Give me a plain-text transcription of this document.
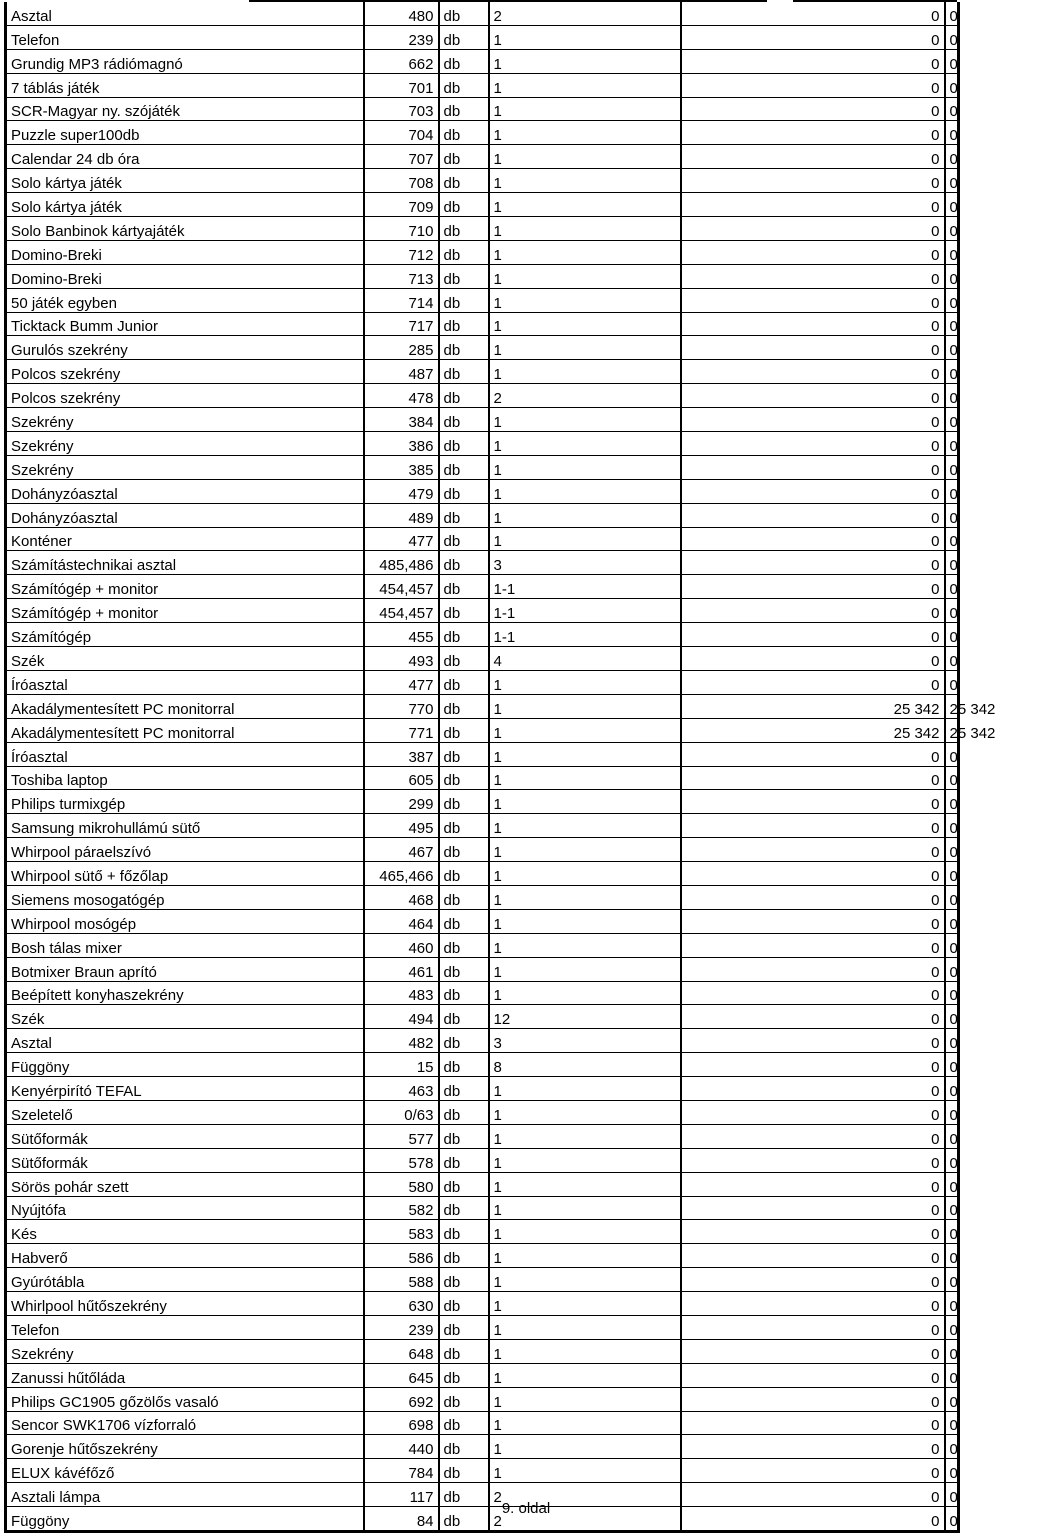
Asztal	480	db	2	0	0
Telefon	239	db	1	0	0
Grundig MP3 rádiómagnó	662	db	1	0	0
7 táblás játék	701	db	1	0	0
SCR-Magyar ny. szójáték	703	db	1	0	0
Puzzle super100db	704	db	1	0	0
Calendar 24 db óra	707	db	1	0	0
Solo kártya játék	708	db	1	0	0
Solo kártya játék	709	db	1	0	0
Solo Banbinok kártyajáték	710	db	1	0	0
Domino-Breki	712	db	1	0	0
Domino-Breki	713	db	1	0	0
50 játék egyben	714	db	1	0	0
Ticktack Bumm Junior	717	db	1	0	0
Gurulós szekrény	285	db	1	0	0
Polcos szekrény	487	db	1	0	0
Polcos szekrény	478	db	2	0	0
Szekrény	384	db	1	0	0
Szekrény	386	db	1	0	0
Szekrény	385	db	1	0	0
Dohányzóasztal	479	db	1	0	0
Dohányzóasztal	489	db	1	0	0
Konténer	477	db	1	0	0
Számítástechnikai asztal	485,486	db	3	0	0
Számítógép + monitor	454,457	db	1-1	0	0
Számítógép + monitor	454,457	db	1-1	0	0
Számítógép	455	db	1-1	0	0
Szék	493	db	4	0	0
Íróasztal	477	db	1	0	0
Akadálymentesített PC monitorral	770	db	1	25 342	25 342
Akadálymentesített PC monitorral	771	db	1	25 342	25 342
Íróasztal	387	db	1	0	0
Toshiba laptop	605	db	1	0	0
Philips turmixgép	299	db	1	0	0
Samsung mikrohullámú sütő	495	db	1	0	0
Whirpool páraelszívó	467	db	1	0	0
Whirpool sütő + főzőlap	465,466	db	1	0	0
Siemens mosogatógép	468	db	1	0	0
Whirpool mosógép	464	db	1	0	0
Bosh tálas mixer	460	db	1	0	0
Botmixer Braun aprító	461	db	1	0	0
Beépített konyhaszekrény	483	db	1	0	0
Szék	494	db	12	0	0
Asztal	482	db	3	0	0
Függöny	15	db	8	0	0
Kenyérpirító TEFAL	463	db	1	0	0
Szeletelő	0/63	db	1	0	0
Sütőformák	577	db	1	0	0
Sütőformák	578	db	1	0	0
Sörös pohár szett	580	db	1	0	0
Nyújtófa	582	db	1	0	0
Kés	583	db	1	0	0
Habverő	586	db	1	0	0
Gyúrótábla	588	db	1	0	0
Whirlpool hűtőszekrény	630	db	1	0	0
Telefon	239	db	1	0	0
Szekrény	648	db	1	0	0
Zanussi hűtőláda	645	db	1	0	0
Philips GC1905 gőzölős vasaló	692	db	1	0	0
Sencor SWK1706 vízforraló	698	db	1	0	0
Gorenje hűtőszekrény	440	db	1	0	0
ELUX kávéfőző	784	db	1	0	0
Asztali lámpa	117	db	2	0	0
Függöny	84	db	2	0	0
9. oldal
